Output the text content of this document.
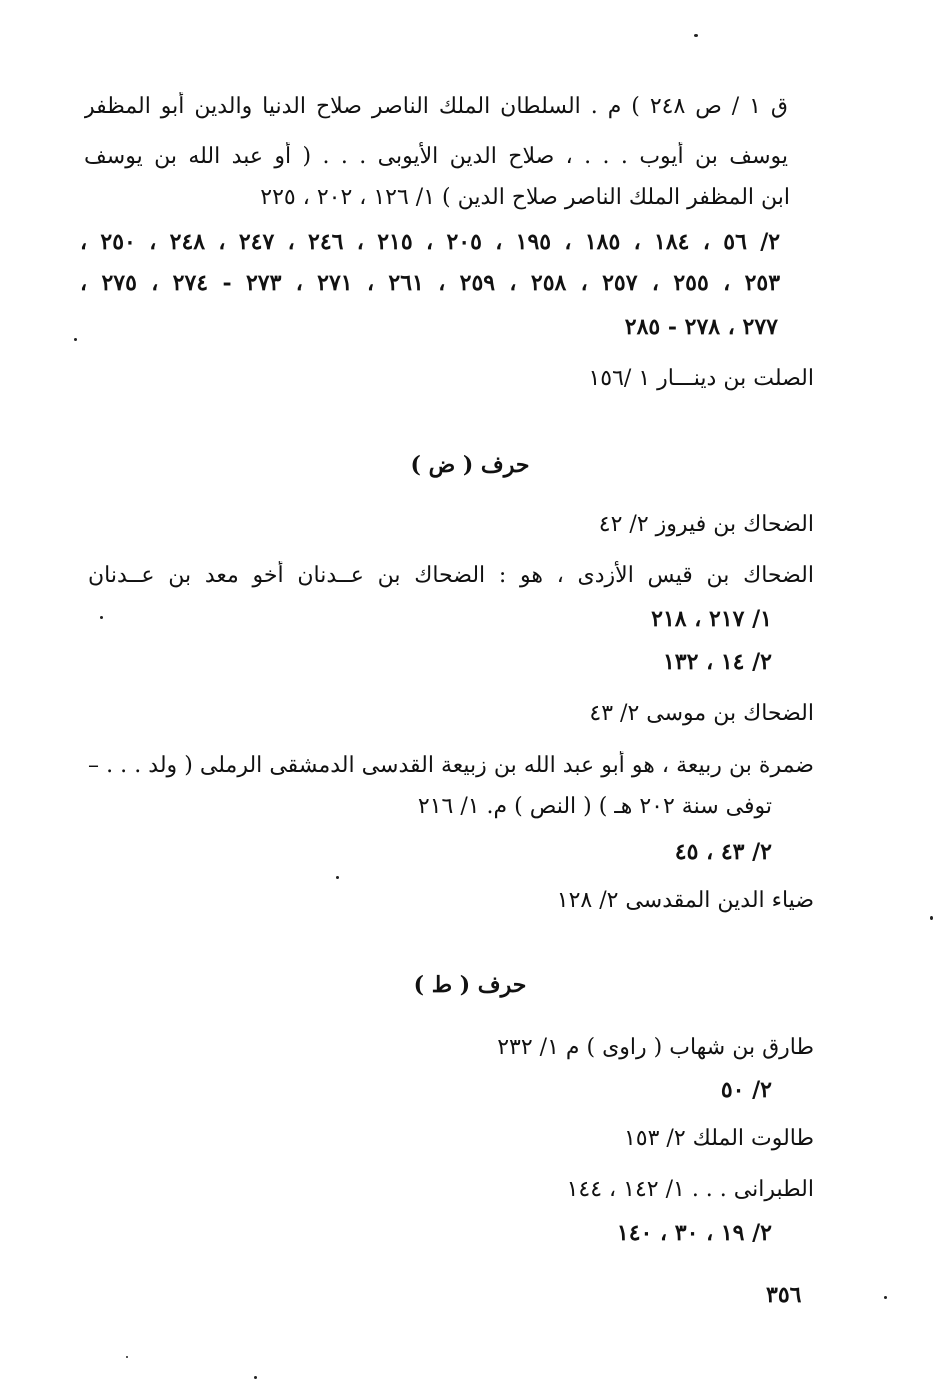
ق ١ / ص ٢٤٨ ) م . السلطان الملك الناصر صلاح الدنيا والدين أبو المظفر
يوسف بن أيوب . . . ، صلاح الدين الأيوبى . . . ( أو عبد الله بن يوسف
ابن المظفر الملك الناصر صلاح الدين ) ١/ ١٢٦ ، ٢٠٢ ، ٢٢٥
٢/ ٥٦ ، ١٨٤ ، ١٨٥ ، ١٩٥ ، ٢٠٥ ، ٢١٥ ، ٢٤٦ ، ٢٤٧ ، ٢٤٨ ، ٢٥٠ ،
٢٥٣ ، ٢٥٥ ، ٢٥٧ ، ٢٥٨ ، ٢٥٩ ، ٢٦١ ، ٢٧١ ، ٢٧٣ - ٢٧٤ ، ٢٧٥ ،
٢٧٧ ، ٢٧٨ - ٢٨٥
الصلت بن دينـــار ١ /١٥٦
حرف ( ض )
الضحاك بن فيروز ٢/ ٤٢
الضحاك بن قيس الأزدى ، هو : الضحاك بن عــدنان أخو معد بن عــدنان
١/ ٢١٧ ، ٢١٨
٢/ ١٤ ، ١٣٢
الضحاك بن موسى ٢/ ٤٣
ضمرة بن ربيعة ، هو أبو عبد الله بن زبيعة القدسى الدمشقى الرملى ( ولد . . . –
توفى سنة ٢٠٢ هـ ) ( النص ) م. ١/ ٢١٦
٢/ ٤٣ ، ٤٥
ضياء الدين المقدسى ٢/ ١٢٨
حرف ( ط )
طارق بن شهاب ( راوى ) م ١/ ٢٣٢
٢/ ٥٠
طالوت الملك ٢/ ١٥٣
الطبرانى . . . ١/ ١٤٢ ، ١٤٤
٢/ ١٩ ، ٣٠ ، ١٤٠
٣٥٦
